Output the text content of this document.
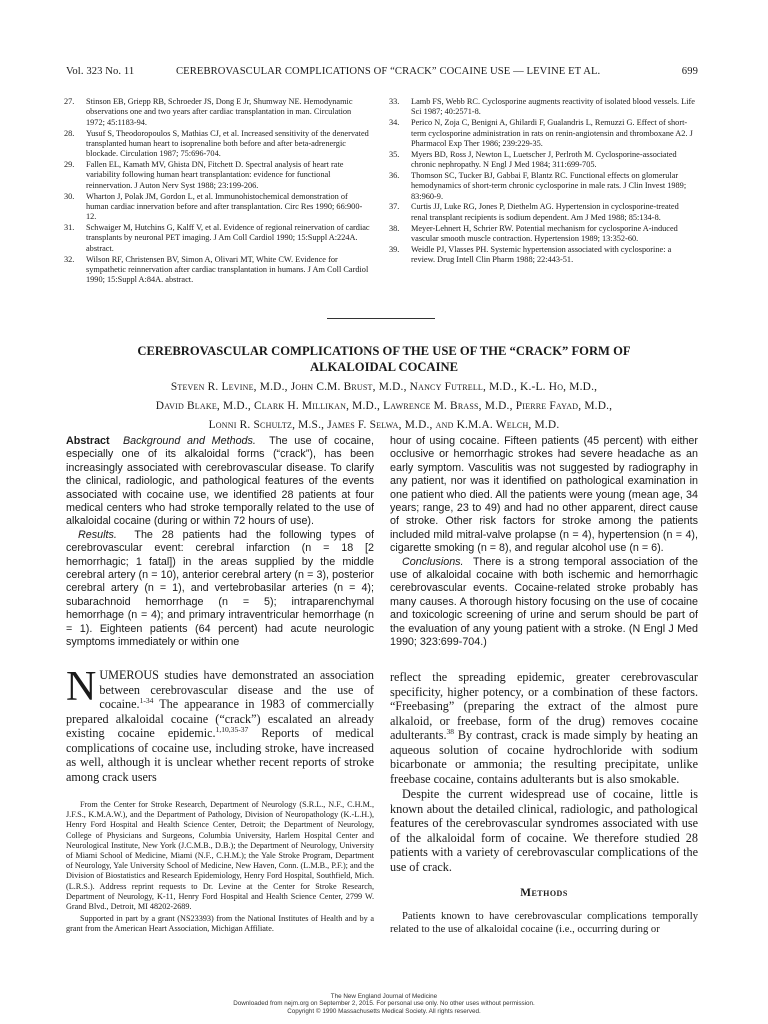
Vol. 323 No. 11	CEREBROVASCULAR COMPLICATIONS OF “CRACK” COCAINE USE — LEVINE ET AL.	699
27.	Stinson EB, Griepp RB, Schroeder JS, Dong E Jr, Shumway NE. Hemodynamic observations one and two years after cardiac transplantation in man. Circulation 1972; 45:1183-94.
28.	Yusuf S, Theodoropoulos S, Mathias CJ, et al. Increased sensitivity of the denervated transplanted human heart to isoprenaline both before and after beta-adrenergic blockade. Circulation 1987; 75:696-704.
29.	Fallen EL, Kamath MV, Ghista DN, Fitchett D. Spectral analysis of heart rate variability following human heart transplantation: evidence for functional reinnervation. J Auton Nerv Syst 1988; 23:199-206.
30.	Wharton J, Polak JM, Gordon L, et al. Immunohistochemical demonstration of human cardiac innervation before and after transplantation. Circ Res 1990; 66:900-12.
31.	Schwaiger M, Hutchins G, Kalff V, et al. Evidence of regional reinervation of cardiac transplants by neuronal PET imaging. J Am Coll Cardiol 1990; 15:Suppl A:224A. abstract.
32.	Wilson RF, Christensen BV, Simon A, Olivari MT, White CW. Evidence for sympathetic reinnervation after cardiac transplantation in humans. J Am Coll Cardiol 1990; 15:Suppl A:84A. abstract.
33.	Lamb FS, Webb RC. Cyclosporine augments reactivity of isolated blood vessels. Life Sci 1987; 40:2571-8.
34.	Perico N, Zoja C, Benigni A, Ghilardi F, Gualandris L, Remuzzi G. Effect of short-term cyclosporine administration in rats on renin-angiotensin and thromboxane A2. J Pharmacol Exp Ther 1986; 239:229-35.
35.	Myers BD, Ross J, Newton L, Luetscher J, Perlroth M. Cyclosporine-associated chronic nephropathy. N Engl J Med 1984; 311:699-705.
36.	Thomson SC, Tucker BJ, Gabbai F, Blantz RC. Functional effects on glomerular hemodynamics of short-term chronic cyclosporine in male rats. J Clin Invest 1989; 83:960-9.
37.	Curtis JJ, Luke RG, Jones P, Diethelm AG. Hypertension in cyclosporine-treated renal transplant recipients is sodium dependent. Am J Med 1988; 85:134-8.
38.	Meyer-Lehnert H, Schrier RW. Potential mechanism for cyclosporine A-induced vascular smooth muscle contraction. Hypertension 1989; 13:352-60.
39.	Weidle PJ, Vlasses PH. Systemic hypertension associated with cyclosporine: a review. Drug Intell Clin Pharm 1988; 22:443-51.
CEREBROVASCULAR COMPLICATIONS OF THE USE OF THE “CRACK” FORM OF
ALKALOIDAL COCAINE
Steven R. Levine, M.D., John C.M. Brust, M.D., Nancy Futrell, M.D., K.-L. Ho, M.D.,
David Blake, M.D., Clark H. Millikan, M.D., Lawrence M. Brass, M.D., Pierre Fayad, M.D.,
Lonni R. Schultz, M.S., James F. Selwa, M.D., and K.M.A. Welch, M.D.

Abstract Background and Methods. The use of cocaine, especially one of its alkaloidal forms (“crack”), has been increasingly associated with cerebrovascular disease. To clarify the clinical, radiologic, and pathological features of the events associated with cocaine use, we identified 28 patients at four medical centers who had stroke temporally related to the use of alkaloidal cocaine (during or within 72 hours of use).

Results. The 28 patients had the following types of cerebrovascular event: cerebral infarction (n = 18 [2 hemorrhagic; 1 fatal]) in the areas supplied by the middle cerebral artery (n = 10), anterior cerebral artery (n = 3), posterior cerebral artery (n = 1), and vertebrobasilar arteries (n = 4); subarachnoid hemorrhage (n = 5); intraparenchymal hemorrhage (n = 4); and primary intraventricular hemorrhage (n = 1). Eighteen patients (64 percent) had acute neurologic symptoms immediately or within one

hour of using cocaine. Fifteen patients (45 percent) with either occlusive or hemorrhagic strokes had severe headache as an early symptom. Vasculitis was not suggested by radiography in any patient, nor was it identified on pathological examination in one patient who died. All the patients were young (mean age, 34 years; range, 23 to 49) and had no other apparent, direct cause of stroke. Other risk factors for stroke among the patients included mild mitral-valve prolapse (n = 4), hypertension (n = 4), cigarette smoking (n = 8), and regular alcohol use (n = 6).

Conclusions. There is a strong temporal association of the use of alkaloidal cocaine with both ischemic and hemorrhagic cerebrovascular events. Cocaine-related stroke probably has many causes. A thorough history focusing on the use of cocaine and toxicologic screening of urine and serum should be part of the evaluation of any young patient with a stroke. (N Engl J Med 1990; 323:699-704.)

NUMEROUS studies have demonstrated an association between cerebrovascular disease and the use of cocaine.$^{1-34}$ The appearance in 1983 of commercially prepared alkaloidal cocaine (“crack”) escalated an already existing cocaine epidemic.$^{1,10,35-37}$ Reports of medical complications of cocaine use, including stroke, have increased as well, although it is unclear whether recent reports of stroke among crack users

From the Center for Stroke Research, Department of Neurology (S.R.L., N.F., C.H.M., J.F.S., K.M.A.W.), and the Department of Pathology, Division of Neuropathology (K.-L.H.), Henry Ford Hospital and Health Science Center, Detroit; the Department of Neurology, College of Physicians and Surgeons, Columbia University, Harlem Hospital Center and Neurological Institute, New York (J.C.M.B., D.B.); the Department of Neurology, University of Miami School of Medicine, Miami (N.F., C.H.M.); the Yale Stroke Program, Department of Neurology, Yale University School of Medicine, New Haven, Conn. (L.M.B., P.F.); and the Division of Biostatistics and Research Epidemiology, Henry Ford Hospital, Southfield, Mich. (L.R.S.). Address reprint requests to Dr. Levine at the Center for Stroke Research, Department of Neurology, K-11, Henry Ford Hospital and Health Science Center, 2799 W. Grand Blvd., Detroit, MI 48202-2689.

Supported in part by a grant (NS23393) from the National Institutes of Health and by a grant from the American Heart Association, Michigan Affiliate.

reflect the spreading epidemic, greater cerebrovascular specificity, higher potency, or a combination of these factors. “Freebasing” (preparing the extract of the almost pure alkaloid, or freebase, form of the drug) removes cocaine adulterants.$^{38}$ By contrast, crack is made simply by heating an aqueous solution of cocaine hydrochloride with sodium bicarbonate or ammonia; the resulting precipitate, unlike freebase cocaine, contains adulterants but is also smokable.

Despite the current widespread use of cocaine, little is known about the detailed clinical, radiologic, and pathological features of the cerebrovascular syndromes associated with use of the alkaloidal form of cocaine. We therefore studied 28 patients with a variety of cerebrovascular complications of the use of crack.

Methods

Patients known to have cerebrovascular complications temporally related to the use of alkaloidal cocaine (i.e., occurring during or

The New England Journal of Medicine
Downloaded from nejm.org on September 2, 2015. For personal use only. No other uses without permission.
Copyright © 1990 Massachusetts Medical Society. All rights reserved.
